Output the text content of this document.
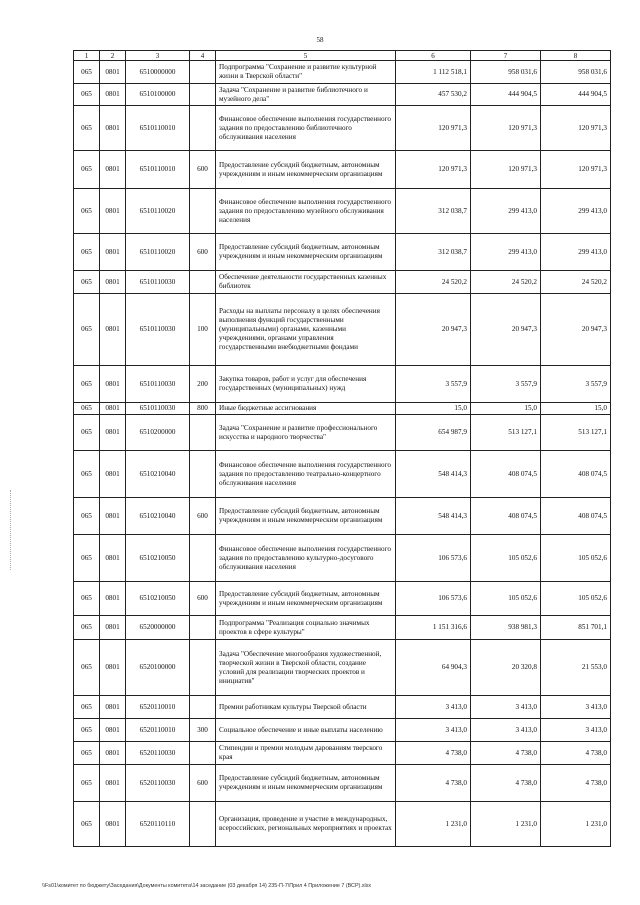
58
1	2	3	4	5	6	7	8
065	0801	6510000000		Подпрограмма "Сохранение и развитие культурной жизни в Тверской области"	1 112 518,1	958 031,6	958 031,6
065	0801	6510100000		Задача "Сохранение и развитие библиотечного и музейного дела"	457 530,2	444 904,5	444 904,5
065	0801	6510110010		Финансовое обеспечение выполнения государственного задания по предоставлению библиотечного обслуживания населения	120 971,3	120 971,3	120 971,3
065	0801	6510110010	600	Предоставление субсидий бюджетным, автономным учреждениям и иным некоммерческим организациям	120 971,3	120 971,3	120 971,3
065	0801	6510110020		Финансовое обеспечение выполнения государственного задания по предоставлению музейного обслуживания населения	312 038,7	299 413,0	299 413,0
065	0801	6510110020	600	Предоставление субсидий бюджетным, автономным учреждениям и иным некоммерческим организациям	312 038,7	299 413,0	299 413,0
065	0801	6510110030		Обеспечение деятельности государственных казенных библиотек	24 520,2	24 520,2	24 520,2
065	0801	6510110030	100	Расходы на выплаты персоналу в целях обеспечения выполнения функций государственными (муниципальными) органами, казенными учреждениями, органами управления государственными внебюджетными фондами	20 947,3	20 947,3	20 947,3
065	0801	6510110030	200	Закупка товаров, работ и услуг для обеспечения государственных (муниципальных) нужд	3 557,9	3 557,9	3 557,9
065	0801	6510110030	800	Иные бюджетные ассигнования	15,0	15,0	15,0
065	0801	6510200000		Задача "Сохранение и развитие профессионального искусства и народного творчества"	654 987,9	513 127,1	513 127,1
065	0801	6510210040		Финансовое обеспечение выполнения государственного задания по предоставлению театрально-концертного обслуживания населения	548 414,3	408 074,5	408 074,5
065	0801	6510210040	600	Предоставление субсидий бюджетным, автономным учреждениям и иным некоммерческим организациям	548 414,3	408 074,5	408 074,5
065	0801	6510210050		Финансовое обеспечение выполнения государственного задания по предоставлению культурно-досугового обслуживания населения	106 573,6	105 052,6	105 052,6
065	0801	6510210050	600	Предоставление субсидий бюджетным, автономным учреждениям и иным некоммерческим организациям	106 573,6	105 052,6	105 052,6
065	0801	6520000000		Подпрограмма "Реализация социально значимых проектов в сфере культуры"	1 151 316,6	938 981,3	851 701,1
065	0801	6520100000		Задача "Обеспечение многообразия художественной, творческой жизни в Тверской области, создание условий для реализации творческих проектов и инициатив"	64 904,3	20 320,8	21 553,0
065	0801	6520110010		Премии работникам культуры Тверской области	3 413,0	3 413,0	3 413,0
065	0801	6520110010	300	Социальное обеспечение и иные выплаты населению	3 413,0	3 413,0	3 413,0
065	0801	6520110030		Стипендии и премии молодым дарованиям тверского края	4 738,0	4 738,0	4 738,0
065	0801	6520110030	600	Предоставление субсидий бюджетным, автономным учреждениям и иным некоммерческим организациям	4 738,0	4 738,0	4 738,0
065	0801	6520110110		Организация, проведение и участие в международных, всероссийских, региональных мероприятиях и проектах	1 231,0	1 231,0	1 231,0
\\Fs01\комитет по бюджету\Заседания\Документы комитета\14 заседание (03 декабря 14) 235-П-7\Прил 4 Приложение 7 (ВСР).xlsx
